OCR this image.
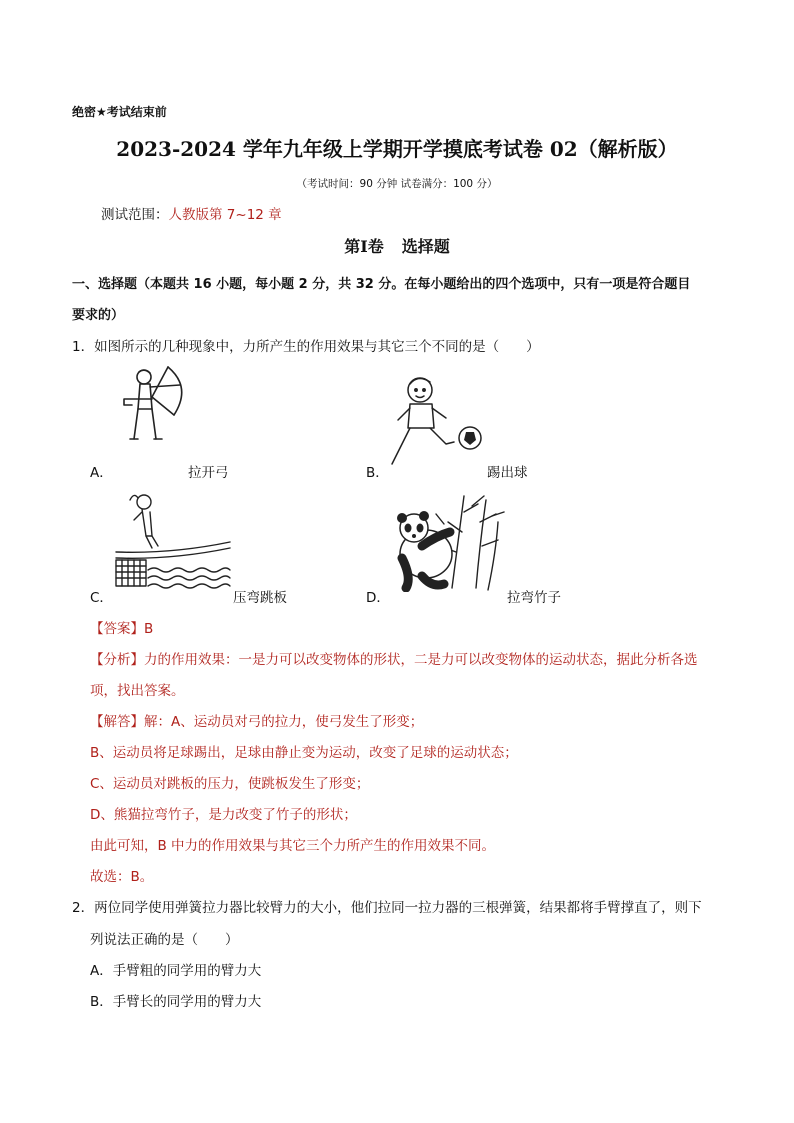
绝密★考试结束前
2023-2024 学年九年级上学期开学摸底考试卷 02（解析版）
（考试时间：90 分钟 试卷满分：100 分）
测试范围：人教版第 7~12 章
第Ⅰ卷 选择题
一、选择题（本题共 16 小题，每小题 2 分，共 32 分。在每小题给出的四个选项中，只有一项是符合题目
要求的）
1．如图所示的几种现象中，力所产生的作用效果与其它三个不同的是（　　）
A．	拉开弓	B．	踢出球
C．	压弯跳板	D．	拉弯竹子
【答案】B
【分析】力的作用效果：一是力可以改变物体的形状，二是力可以改变物体的运动状态，据此分析各选
项，找出答案。
【解答】解：A、运动员对弓的拉力，使弓发生了形变；
B、运动员将足球踢出，足球由静止变为运动，改变了足球的运动状态；
C、运动员对跳板的压力，使跳板发生了形变；
D、熊猫拉弯竹子，是力改变了竹子的形状；
由此可知，B 中力的作用效果与其它三个力所产生的作用效果不同。
故选：B。
2．两位同学使用弹簧拉力器比较臂力的大小，他们拉同一拉力器的三根弹簧，结果都将手臂撑直了，则下
列说法正确的是（　　）
A．手臂粗的同学用的臂力大
B．手臂长的同学用的臂力大
